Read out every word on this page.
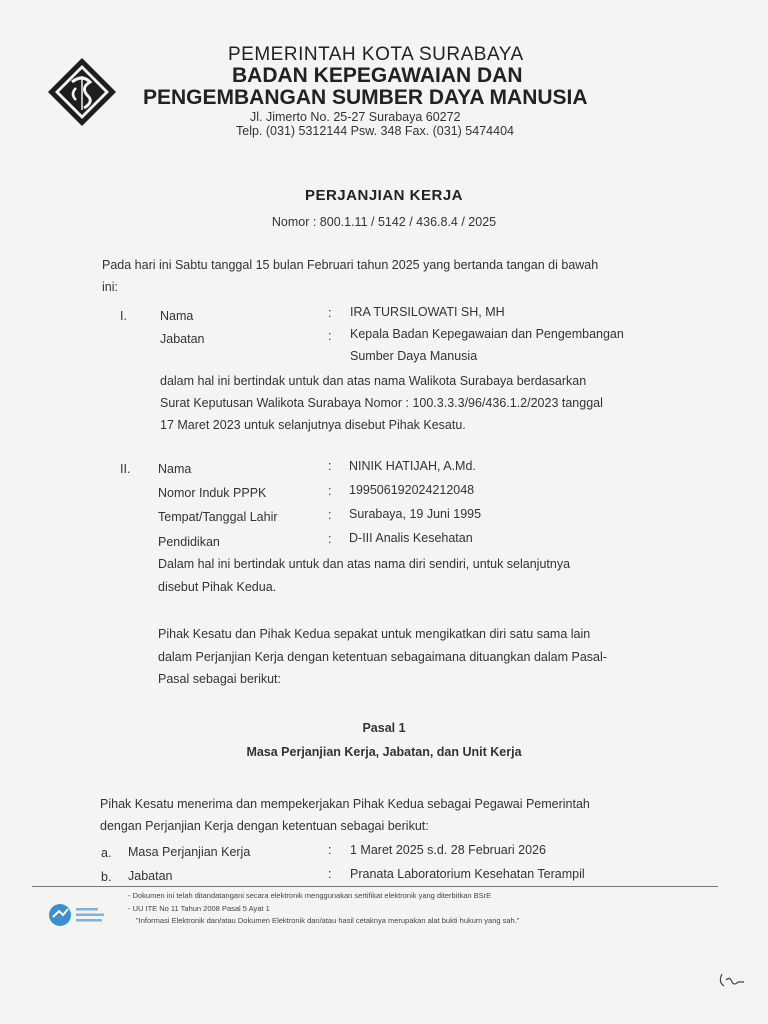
PEMERINTAH KOTA SURABAYA
BADAN KEPEGAWAIAN DAN
PENGEMBANGAN SUMBER DAYA MANUSIA
Jl. Jimerto No. 25-27 Surabaya 60272
Telp. (031) 5312144 Psw. 348 Fax. (031) 5474404
PERJANJIAN KERJA
Nomor : 800.1.11 / 5142 / 436.8.4 / 2025
Pada hari ini Sabtu tanggal 15 bulan Februari tahun 2025 yang bertanda tangan di bawah
ini:
I.	Nama	: IRA TURSILOWATI SH, MH
Jabatan	: Kepala Badan Kepegawaian dan Pengembangan
Sumber Daya Manusia
dalam hal ini bertindak untuk dan atas nama Walikota Surabaya berdasarkan
Surat Keputusan Walikota Surabaya Nomor : 100.3.3.3/96/436.1.2/2023 tanggal
17 Maret 2023 untuk selanjutnya disebut Pihak Kesatu.
II. Nama	: NINIK HATIJAH, A.Md.
Nomor Induk PPPK	: 199506192024212048
Tempat/Tanggal Lahir	: Surabaya, 19 Juni 1995
Pendidikan	: D-III Analis Kesehatan
Dalam hal ini bertindak untuk dan atas nama diri sendiri, untuk selanjutnya
disebut Pihak Kedua.
Pihak Kesatu dan Pihak Kedua sepakat untuk mengikatkan diri satu sama lain
dalam Perjanjian Kerja dengan ketentuan sebagaimana dituangkan dalam Pasal-
Pasal sebagai berikut:
Pasal 1
Masa Perjanjian Kerja, Jabatan, dan Unit Kerja
Pihak Kesatu menerima dan mempekerjakan Pihak Kedua sebagai Pegawai Pemerintah
dengan Perjanjian Kerja dengan ketentuan sebagai berikut:
a. Masa Perjanjian Kerja	: 1 Maret 2025 s.d. 28 Februari 2026
b. Jabatan	: Pranata Laboratorium Kesehatan Terampil
- Dokumen ini telah ditandatangani secara elektronik menggunakan sertifikat elektronik yang diterbitkan BSrE
- UU ITE No 11 Tahun 2008 Pasal 5 Ayat 1
"Informasi Elektronik dan/atau Dokumen Elektronik dan/atau hasil cetaknya merupakan alat bukti hukum yang sah."
